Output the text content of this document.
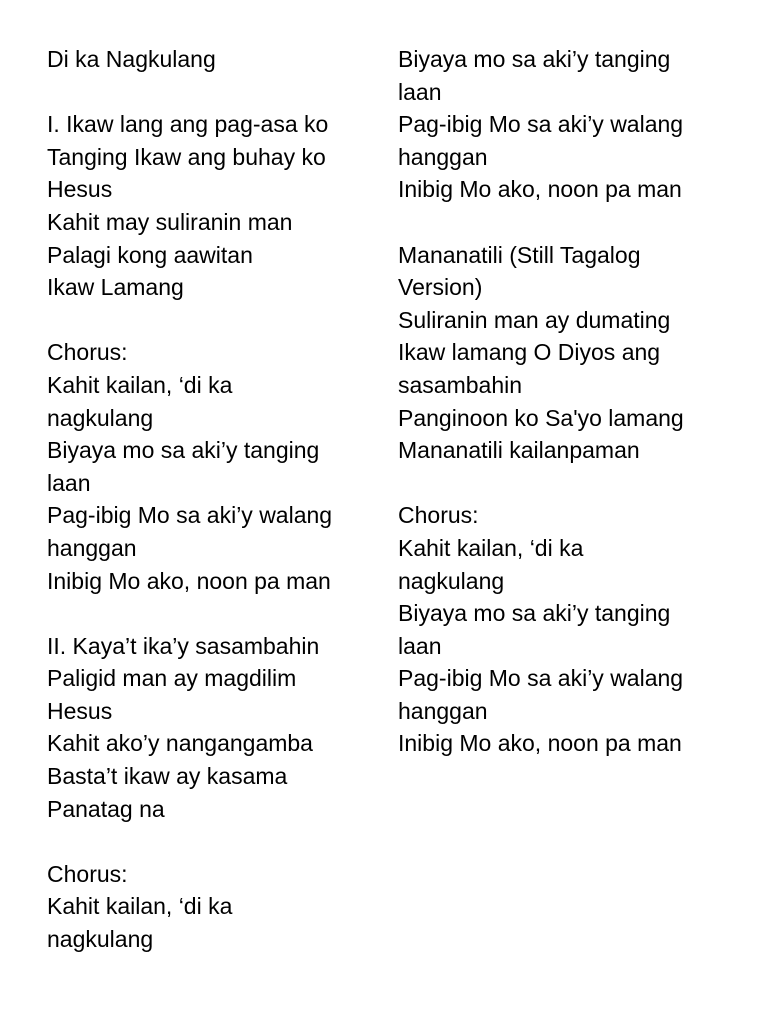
Di ka Nagkulang
I. Ikaw lang ang pag-asa ko
Tanging Ikaw ang buhay ko
Hesus
Kahit may suliranin man
Palagi kong aawitan
Ikaw Lamang
Chorus:
Kahit kailan, ‘di ka
nagkulang
Biyaya mo sa aki’y tanging
laan
Pag-ibig Mo sa aki’y walang
hanggan
Inibig Mo ako, noon pa man
II. Kaya’t ika’y sasambahin
Paligid man ay magdilim
Hesus
Kahit ako’y nangangamba
Basta’t ikaw ay kasama
Panatag na
Chorus:
Kahit kailan, ‘di ka
nagkulang
Biyaya mo sa aki’y tanging
laan
Pag-ibig Mo sa aki’y walang
hanggan
Inibig Mo ako, noon pa man
Mananatili (Still Tagalog
Version)
Suliranin man ay dumating
Ikaw lamang O Diyos ang
sasambahin
Panginoon ko Sa'yo lamang
Mananatili kailanpaman
Chorus:
Kahit kailan, ‘di ka
nagkulang
Biyaya mo sa aki’y tanging
laan
Pag-ibig Mo sa aki’y walang
hanggan
Inibig Mo ako, noon pa man
